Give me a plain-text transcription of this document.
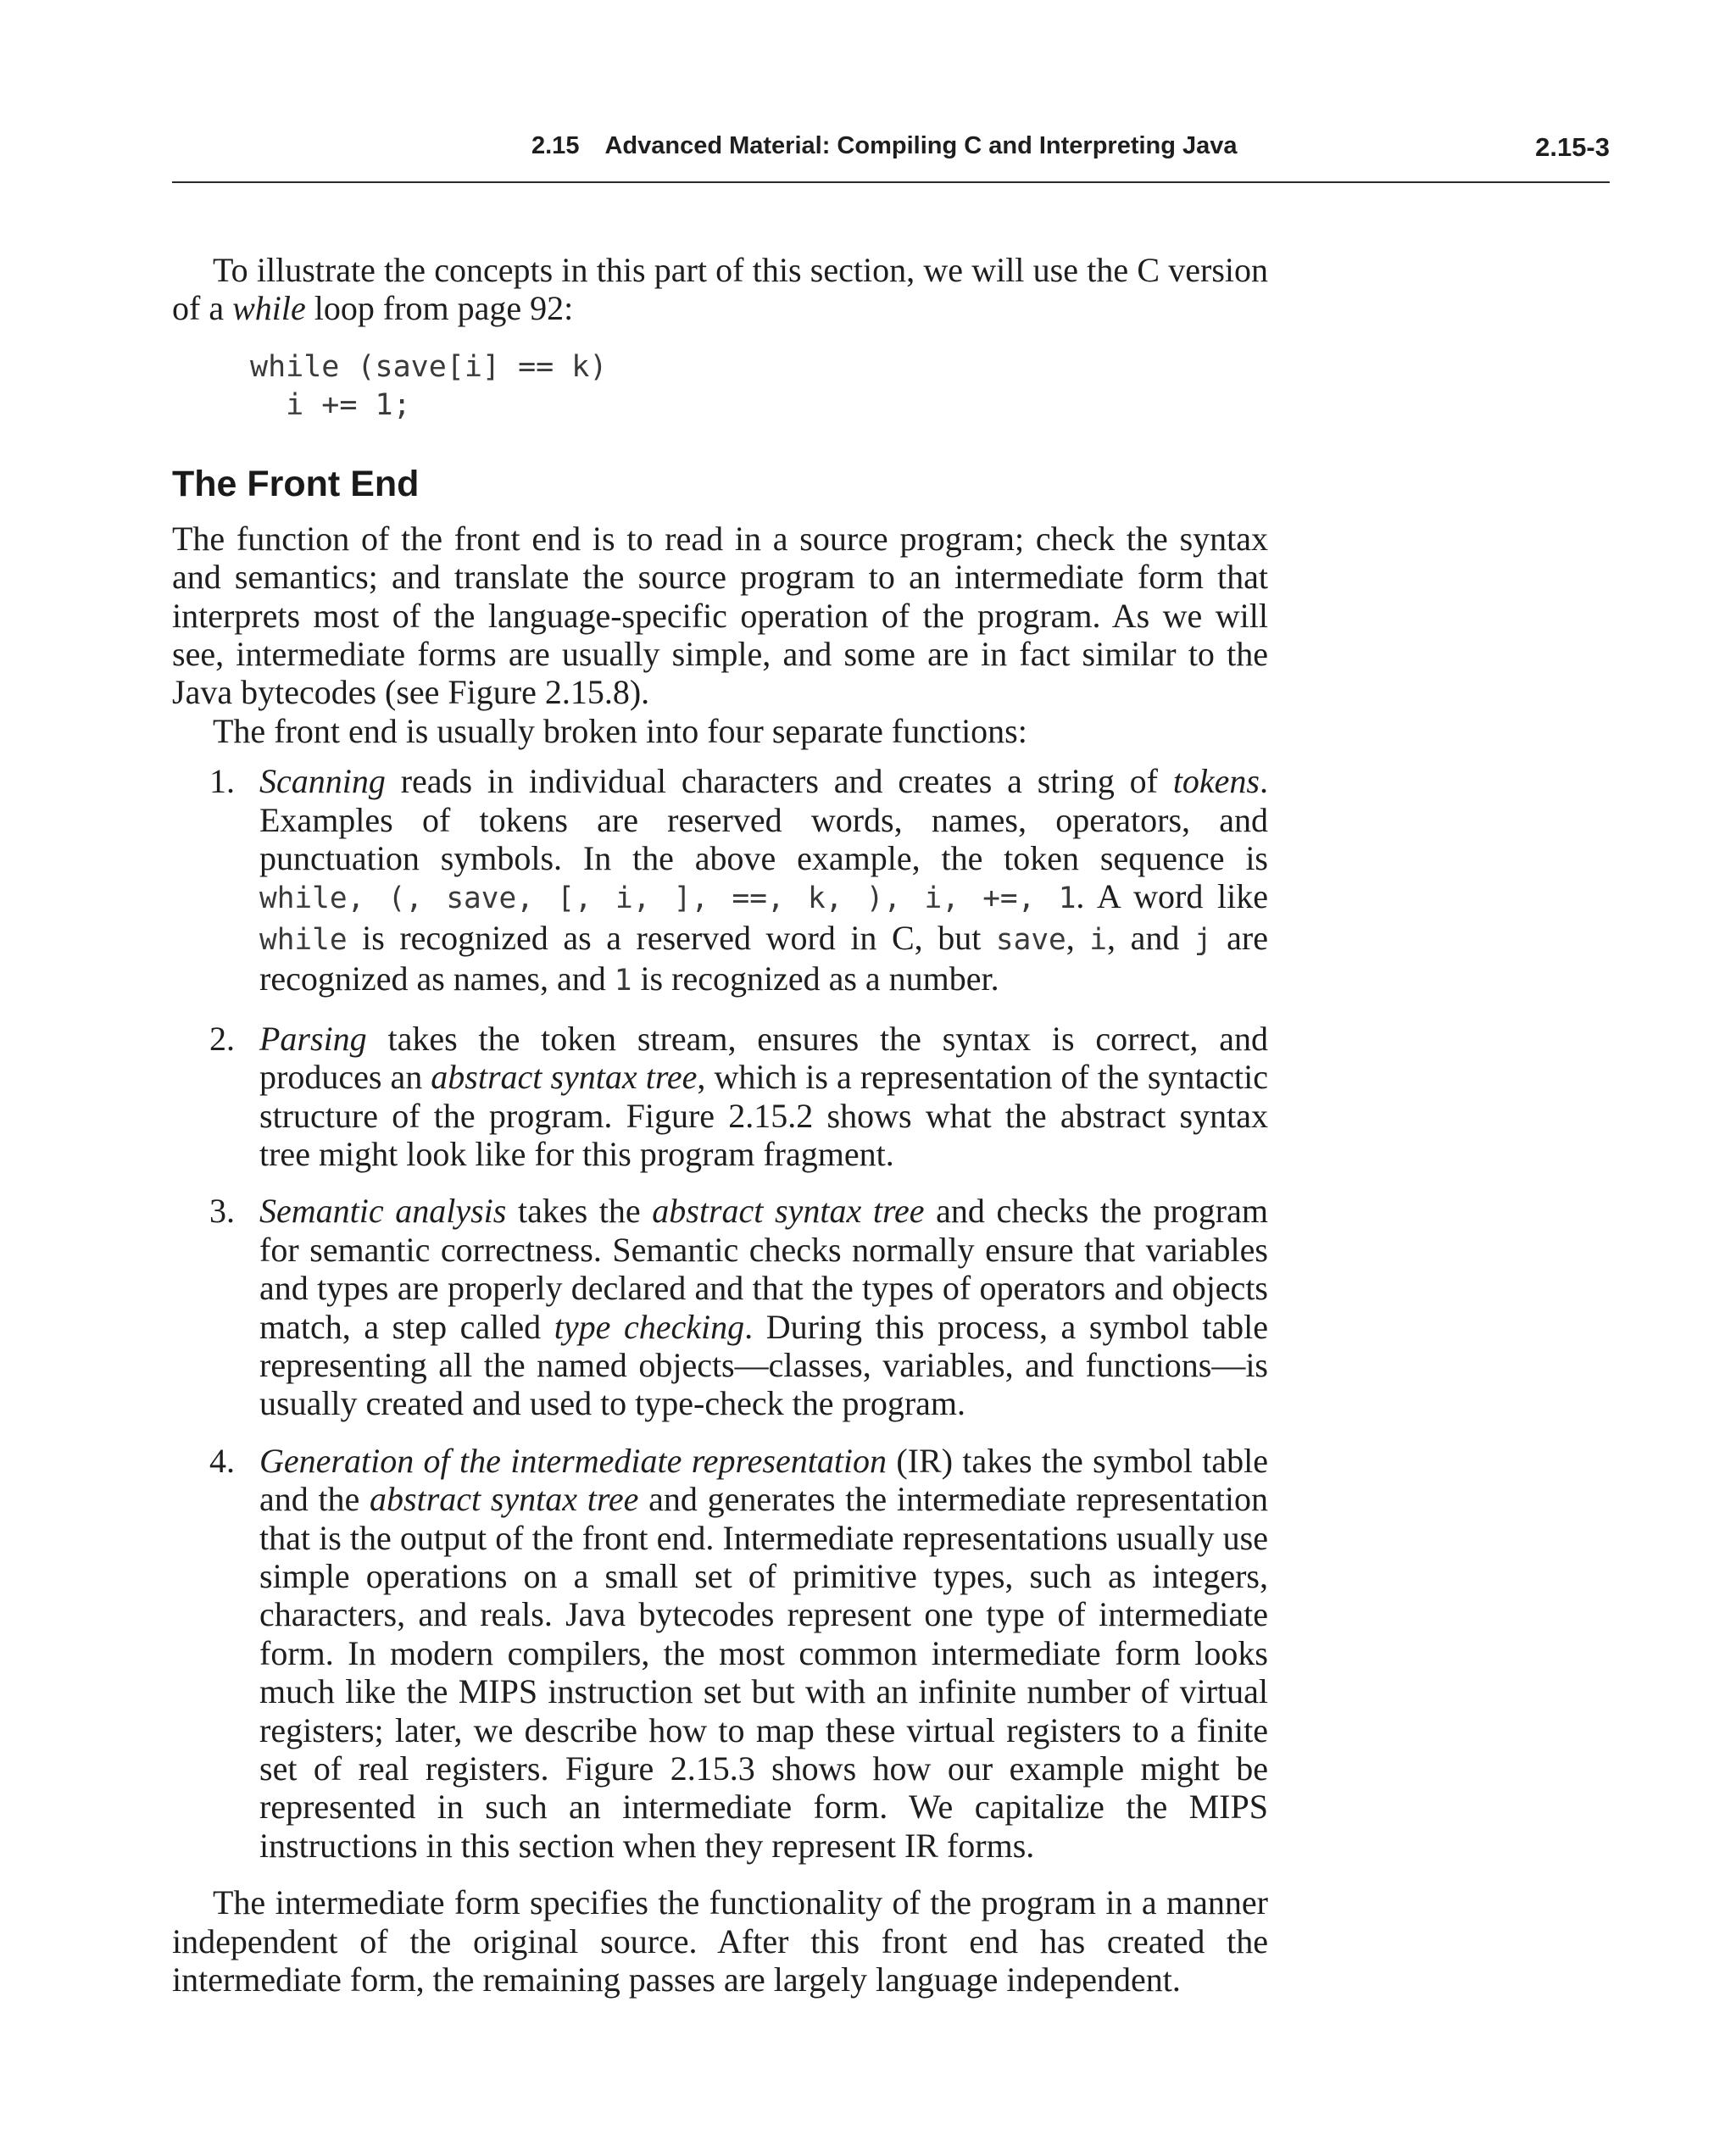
2.15 Advanced Material: Compiling C and Interpreting Java	2.15-3

To illustrate the concepts in this part of this section, we will use the C version of a while loop from page 92:

while (save[i] == k)
i += 1;
The Front End

The function of the front end is to read in a source program; check the syntax and semantics; and translate the source program to an intermediate form that interprets most of the language-specific operation of the program. As we will see, intermediate forms are usually simple, and some are in fact similar to the Java bytecodes (see Figure 2.15.8).

The front end is usually broken into four separate functions:

1. Scanning reads in individual characters and creates a string of tokens. Examples of tokens are reserved words, names, operators, and punctuation symbols. In the above example, the token sequence is while, (, save, [, i, ], ==, k, ), i, +=, 1. A word like while is recognized as a reserved word in C, but save, i, and j are recognized as names, and 1 is recognized as a number.
2. Parsing takes the token stream, ensures the syntax is correct, and produces an abstract syntax tree, which is a representation of the syntactic structure of the program. Figure 2.15.2 shows what the abstract syntax tree might look like for this program fragment.
3. Semantic analysis takes the abstract syntax tree and checks the program for semantic correctness. Semantic checks normally ensure that variables and types are properly declared and that the types of operators and objects match, a step called type checking. During this process, a symbol table representing all the named objects—classes, variables, and functions—is usually created and used to type-check the program.
4. Generation of the intermediate representation (IR) takes the symbol table and the abstract syntax tree and generates the intermediate representation that is the output of the front end. Intermediate representations usually use simple operations on a small set of primitive types, such as integers, characters, and reals. Java bytecodes represent one type of intermediate form. In modern compilers, the most common intermediate form looks much like the MIPS instruction set but with an infinite number of virtual registers; later, we describe how to map these virtual registers to a finite set of real registers. Figure 2.15.3 shows how our example might be represented in such an intermediate form. We capitalize the MIPS instructions in this section when they represent IR forms.

The intermediate form specifies the functionality of the program in a manner independent of the original source. After this front end has created the intermediate form, the remaining passes are largely language independent.
